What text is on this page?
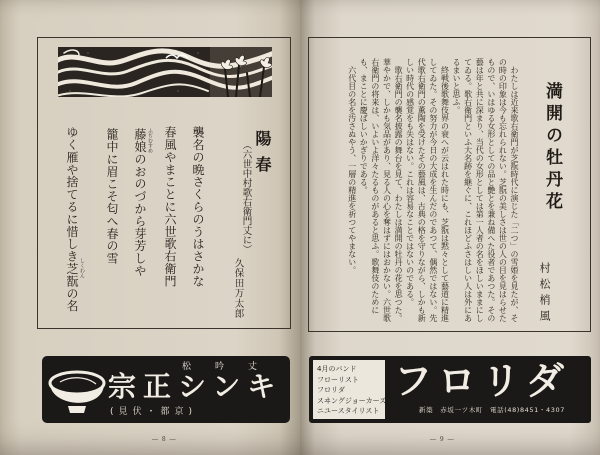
陽春
（六世中村歌右衛門丈に）
久保田万太郎
襲名の晩さくらのうはさかな
春風やまことに六世歌右衛門
藤娘のおのづから芽芳しや ふぢむすめ
籠中に眉こそ匂へ春の雪
ゆく雁や捨てるに惜しき芝翫の名 しくわん
松吟丈
宗正シンキ
(見伏・都京)
― 8 ―
満開の牡丹花
村松梢風

わたしは近来歌右衛門が芝翫時代に演じた「二つ」の雪姫を見たが、その時の印象は今も忘れられない。芝翫の美しさは世の人の目を見はらせたもので、いはゆる女形としての品と艶とを兼ね備へた役者であつた。その藝は年と共に深まり、当代の女形としては第一人者の名をほしいままにしてゐる。歌右衛門といふ大名跡を継ぐに、これほどふさはしい人は外にあるまいと思ふ。

終戦後歌舞伎界の衰へが云はれた時にも、芝翫は黙々として藝道に精進してゐた。その努力が今日の大成を生んだのであつて、偶然ではない。先代歌右衛門の薫陶を受けたその藝風は、古典の格を守りながら、しかも新しい時代の感覚をも失はない。これは容易なことではないのである。

歌右衛門の襲名披露の舞台を見て、わたしは満開の牡丹の花を思つた。華やかで、しかも気品があり、見る人の心を奪はずにはおかない。六世歌右衛門の将来は、いよいよ洋々たるものがあると思ふ。歌舞伎のためにも、まことに慶ばしいかぎりである。

六代目の名を汚さぬやう、一層の精進を祈つてやまない。

4月のバンド
フローリスト
フロリダ
スヰングジョーカーズ
ニユースタイリスト
フロリダ
新築　赤坂一ツ木町　電話(48)8451・4307
― 9 ―
